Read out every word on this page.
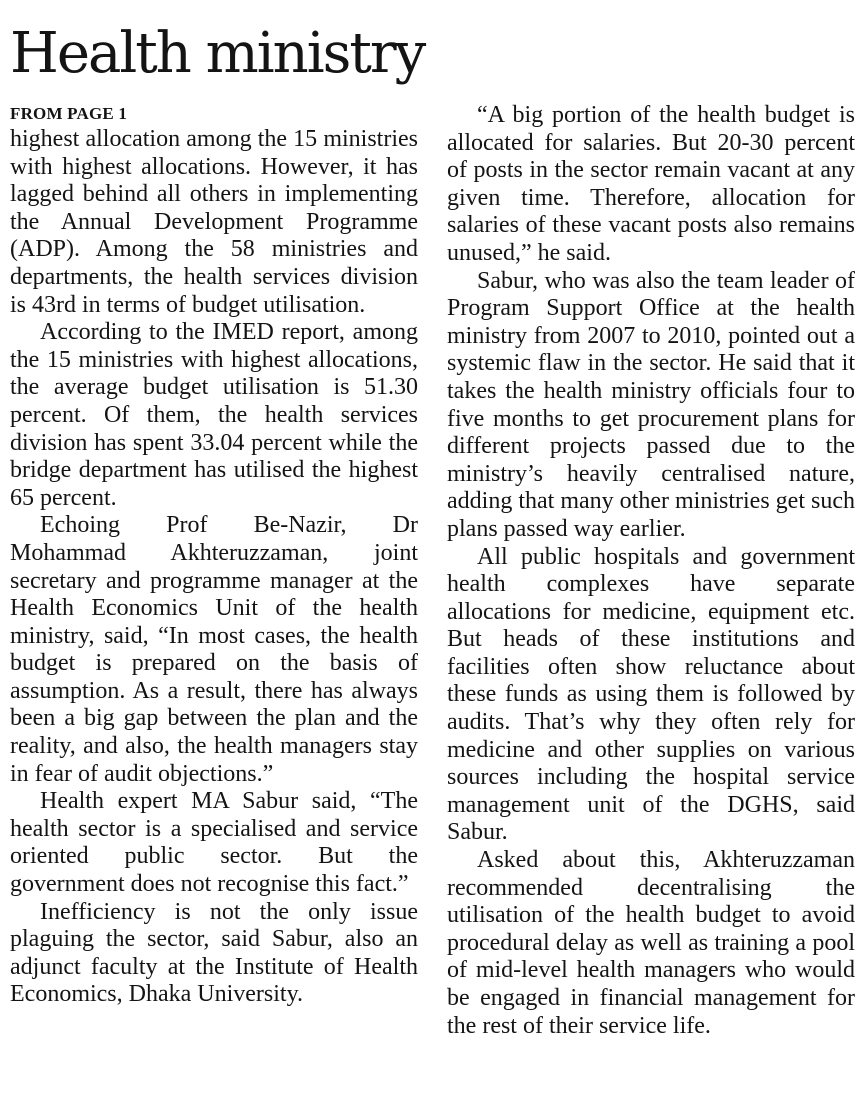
Health ministry
FROM PAGE 1

highest allocation among the 15 ministries with highest allocations. However, it has lagged behind all others in implementing the Annual Development Programme (ADP). Among the 58 ministries and departments, the health services division is 43rd in terms of budget utilisation.

According to the IMED report, among the 15 ministries with highest allocations, the average budget utilisation is 51.30 percent. Of them, the health services division has spent 33.04 percent while the bridge department has utilised the highest 65 percent.

Echoing Prof Be-Nazir, Dr Mohammad Akhteruzzaman, joint secretary and programme manager at the Health Economics Unit of the health ministry, said, “In most cases, the health budget is prepared on the basis of assumption. As a result, there has always been a big gap between the plan and the reality, and also, the health managers stay in fear of audit objections.”

Health expert MA Sabur said, “The health sector is a specialised and service oriented public sector. But the government does not recognise this fact.”

Inefficiency is not the only issue plaguing the sector, said Sabur, also an adjunct faculty at the Institute of Health Economics, Dhaka University.

“A big portion of the health budget is allocated for salaries. But 20-30 percent of posts in the sector remain vacant at any given time. Therefore, allocation for salaries of these vacant posts also remains unused,” he said.

Sabur, who was also the team leader of Program Support Office at the health ministry from 2007 to 2010, pointed out a systemic flaw in the sector. He said that it takes the health ministry officials four to five months to get procurement plans for different projects passed due to the ministry’s heavily centralised nature, adding that many other ministries get such plans passed way earlier.

All public hospitals and government health complexes have separate allocations for medicine, equipment etc. But heads of these institutions and facilities often show reluctance about these funds as using them is followed by audits. That’s why they often rely for medicine and other supplies on various sources including the hospital service management unit of the DGHS, said Sabur.

Asked about this, Akhteruzzaman recommended decentralising the utilisation of the health budget to avoid procedural delay as well as training a pool of mid-level health managers who would be engaged in financial management for the rest of their service life.
